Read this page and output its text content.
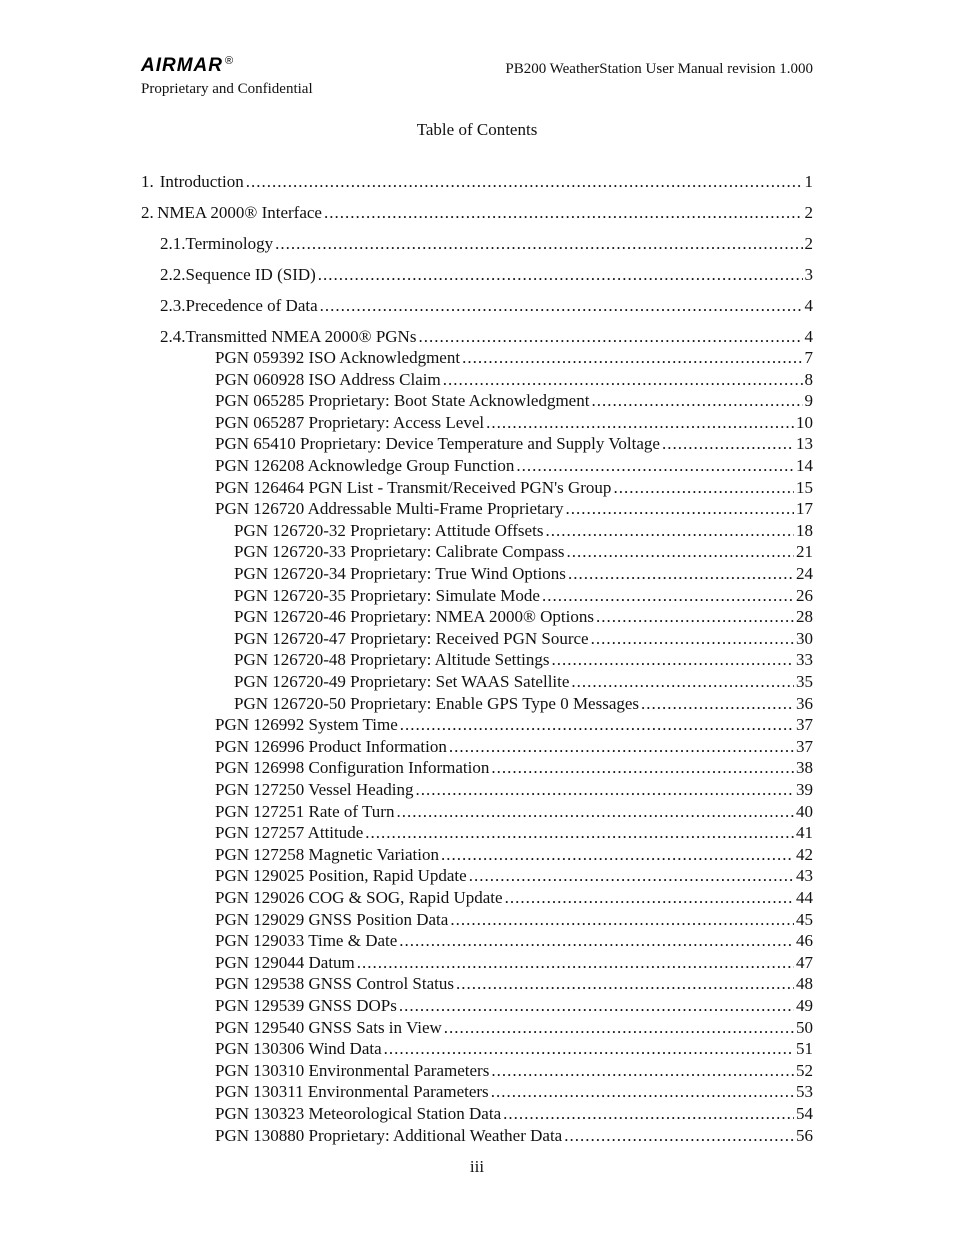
AIRMAR ®	PB200 WeatherStation User Manual revision 1.000
Proprietary and Confidential
Table of Contents
1. Introduction .....	1
2. NMEA 2000® Interface .....	2
2.1. Terminology .....	2
2.2. Sequence ID (SID) .....	3
2.3. Precedence of Data .....	4
2.4. Transmitted NMEA 2000® PGNs .....	4
PGN 059392 ISO Acknowledgment .....	7
PGN 060928 ISO Address Claim .....	8
PGN 065285 Proprietary: Boot State Acknowledgment .....	9
PGN 065287 Proprietary: Access Level .....	10
PGN 65410 Proprietary: Device Temperature and Supply Voltage .....	13
PGN 126208 Acknowledge Group Function .....	14
PGN 126464 PGN List - Transmit/Received PGN's Group .....	15
PGN 126720 Addressable Multi-Frame Proprietary .....	17
PGN 126720-32 Proprietary: Attitude Offsets .....	18
PGN 126720-33 Proprietary: Calibrate Compass .....	21
PGN 126720-34 Proprietary: True Wind Options .....	24
PGN 126720-35 Proprietary: Simulate Mode .....	26
PGN 126720-46 Proprietary: NMEA 2000® Options .....	28
PGN 126720-47 Proprietary: Received PGN Source .....	30
PGN 126720-48 Proprietary: Altitude Settings .....	33
PGN 126720-49 Proprietary: Set WAAS Satellite .....	35
PGN 126720-50 Proprietary: Enable GPS Type 0 Messages .....	36
PGN 126992 System Time .....	37
PGN 126996 Product Information .....	37
PGN 126998 Configuration Information .....	38
PGN 127250 Vessel Heading .....	39
PGN 127251 Rate of Turn .....	40
PGN 127257 Attitude .....	41
PGN 127258 Magnetic Variation .....	42
PGN 129025 Position, Rapid Update .....	43
PGN 129026 COG & SOG, Rapid Update .....	44
PGN 129029 GNSS Position Data .....	45
PGN 129033 Time & Date .....	46
PGN 129044 Datum .....	47
PGN 129538 GNSS Control Status .....	48
PGN 129539 GNSS DOPs .....	49
PGN 129540 GNSS Sats in View .....	50
PGN 130306 Wind Data .....	51
PGN 130310 Environmental Parameters .....	52
PGN 130311 Environmental Parameters .....	53
PGN 130323 Meteorological Station Data .....	54
PGN 130880 Proprietary: Additional Weather Data .....	56
iii
